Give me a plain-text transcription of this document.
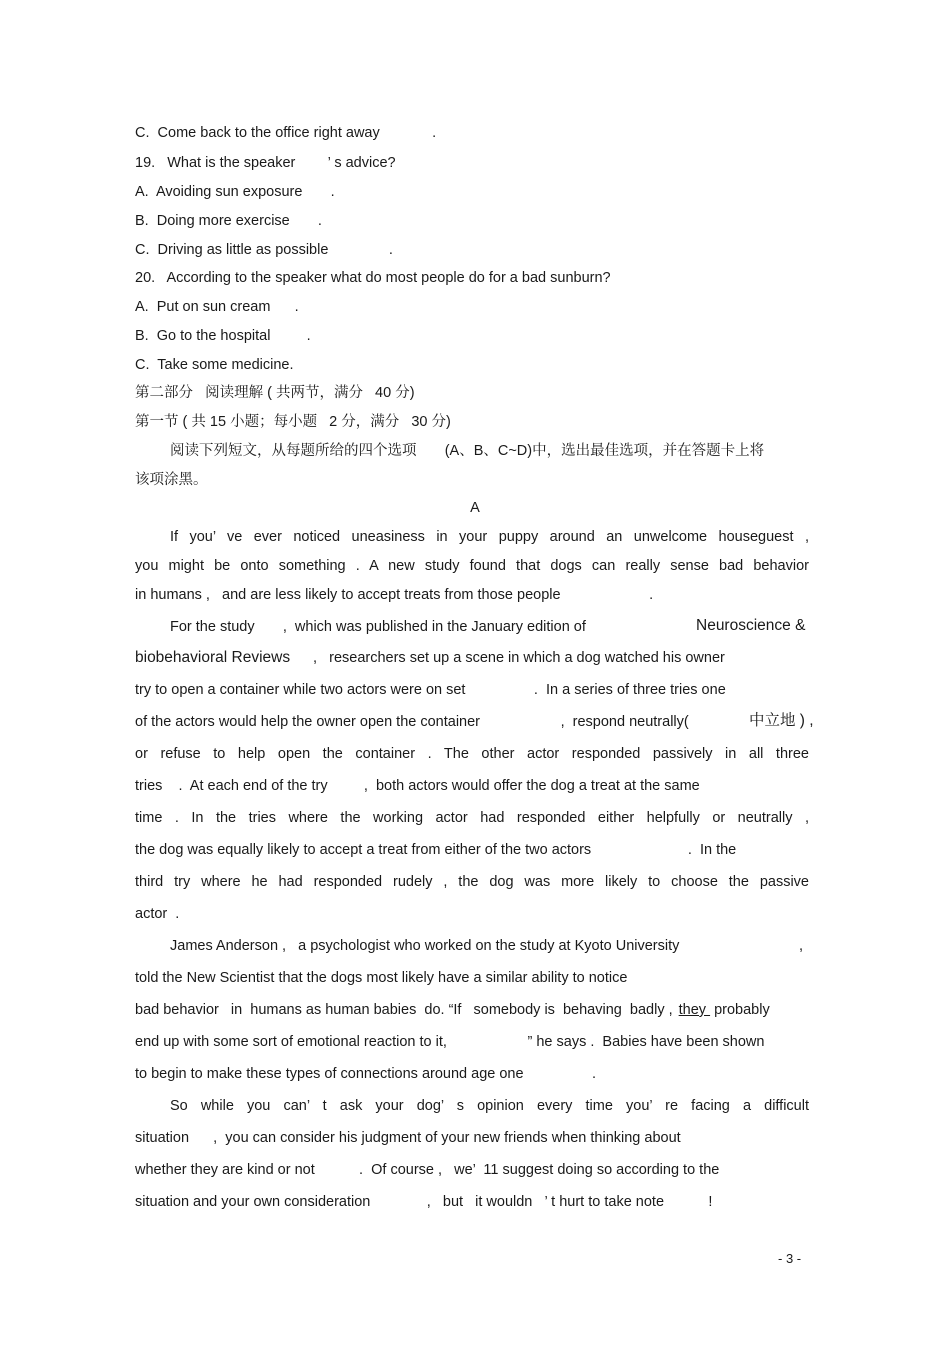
C.  Come back to the office right away             .
19.   What is the speaker        ’ s advice?
A.  Avoiding sun exposure       .
B.  Doing more exercise       .
C.  Driving as little as possible               .
20.   According to the speaker what do most people do for a bad sunburn?
A.  Put on sun cream      .
B.  Go to the hospital         .
C.  Take some medicine.
第二部分   阅读理解 ( 共两节，满分   40 分)
第一节 ( 共 15 小题；每小题   2 分，满分   30 分)
阅读下列短文，从每题所给的四个选项       (A、B、C~D)中，选出最佳选项，并在答题卡上将
该项涂黑。
A
If you’ ve ever noticed uneasiness in your puppy around an unwelcome houseguest ,
you might be onto something . A new study found that dogs can really sense bad behavior
in humans ,   and are less likely to accept treats from those people                      .
For the study       ,  which was published in the January edition of	Neuroscience &
biobehavioral Reviews ,   researchers set up a scene in which a dog watched his owner
try to open a container while two actors were on set                 .  In a series of three tries one
of the actors would help the owner open the container                    ,  respond neutrally(	中立地 ) ,
or refuse to help open the container . The other actor responded passively in all three
tries    .  At each end of the try         ,  both actors would offer the dog a treat at the same
time . In the tries where the working actor had responded either helpfully or neutrally ,
the dog was equally likely to accept a treat from either of the two actors                        .  In the
third try where he had responded rudely , the dog was more likely to choose the passive
actor  .
James Anderson ,   a psychologist who worked on the study at Kyoto University	,
told the New Scientist that the dogs most likely have a similar ability to notice
bad behavior   in  humans as human babies  do. “If   somebody is  behaving  badly , they probably
end up with some sort of emotional reaction to it,                    ” he says .  Babies have been shown
to begin to make these types of connections around age one                 .
So while you can’ t ask your dog’ s opinion every time you’ re facing a difficult
situation      ,  you can consider his judgment of your new friends when thinking about
whether they are kind or not           .  Of course ,   we’  11 suggest doing so according to the
situation and your own consideration              ,   but   it wouldn   ’ t hurt to take note           !
- 3 -
